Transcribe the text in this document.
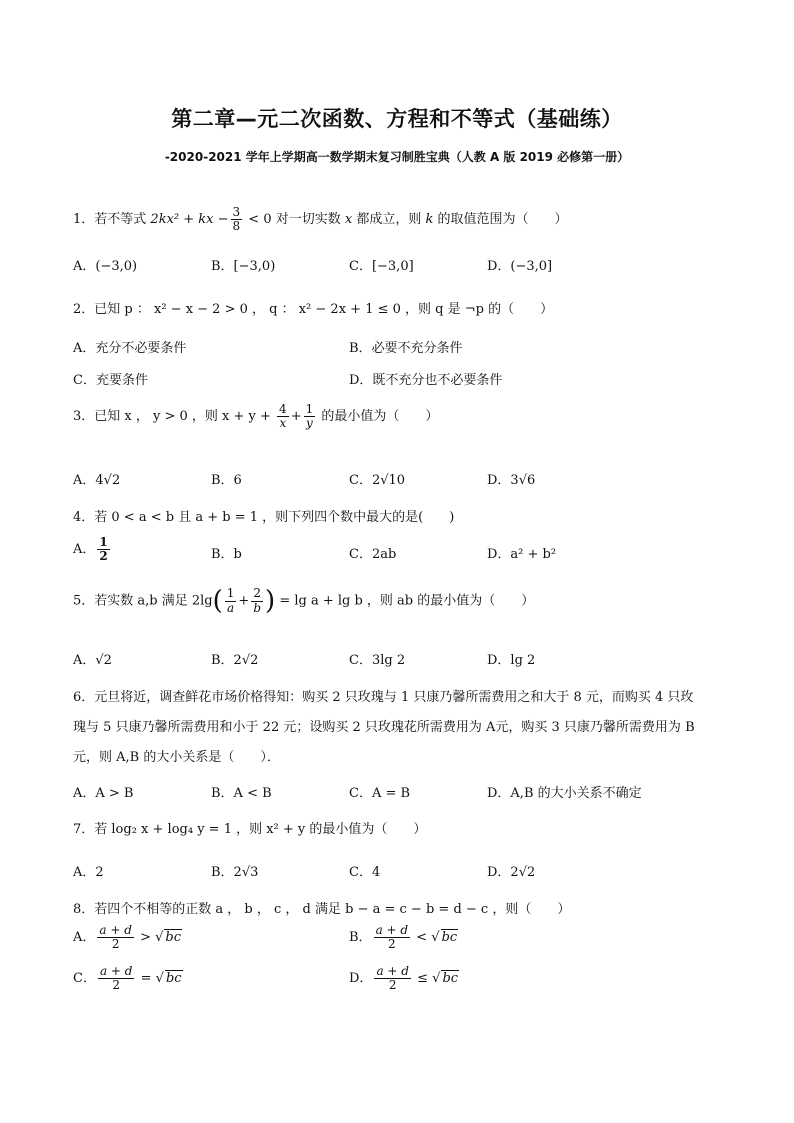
第二章—元二次函数、方程和不等式（基础练）
-2020-2021 学年上学期高一数学期末复习制胜宝典（人教 A 版 2019 必修第一册）
1．若不等式 2kx² + kx − $\frac{3}{8} < 0$ 对一切实数 x 都成立，则 k 的取值范围为（　　）
A．(−3,0)	B．[−3,0)	C．[−3,0]	D．(−3,0]
2．已知 p ： x² − x − 2 > 0 ， q ： x² − 2x + 1 ≤ 0 ，则 q 是 ¬p 的（　　）
A．充分不必要条件	B．必要不充分条件
C．充要条件	D．既不充分也不必要条件
3．已知 x ， y > 0 ，则 $x + y + \frac{4}{x} + \frac{1}{y}$ 的最小值为（　　）
A．4√2	B．6	C．2√10	D．3√6
4．若 0 < a < b 且 a + b = 1 ，则下列四个数中最大的是(　　)
A． $\frac{1}{2}$	B．b	C．2ab	D．a² + b²
5．若实数 a,b 满足 $2\lg( \frac{1}{a} + \frac{2}{b}$ ) = lg a + lg b ，则 ab 的最小值为（　　）
A．√2	B．2√2	C．3lg 2	D．lg 2
6．元旦将近，调查鲜花市场价格得知：购买 2 只玫瑰与 1 只康乃馨所需费用之和大于 8 元，而购买 4 只玫
瑰与 5 只康乃馨所需费用和小于 22 元；设购买 2 只玫瑰花所需费用为 A元，购买 3 只康乃馨所需费用为 B
元，则 A,B 的大小关系是（　　）．
A．A > B	B．A < B	C．A = B	D．A,B 的大小关系不确定
7．若 log₂ x + log₄ y = 1 ，则 x² + y 的最小值为（　　）
A．2	B．2√3	C．4	D．2√2
8．若四个不相等的正数 a ， b ， c ， d 满足 b − a = c − b = d − c ，则（　　）
A． $\frac{a + d}{2}$ > √ bc	B． $\frac{a + d}{2}$ < √ bc
C． $\frac{a + d}{2}$ = √ bc	D． $\frac{a + d}{2}$ ≤ √ bc
